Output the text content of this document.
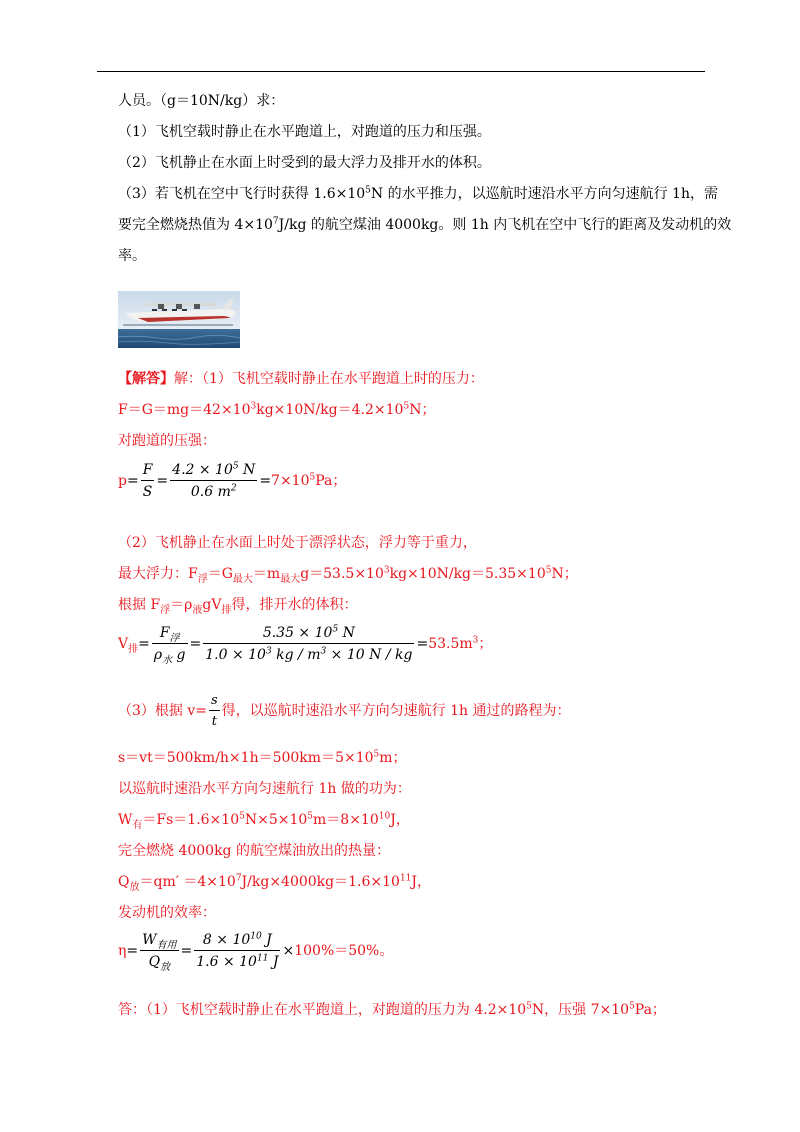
人员。（g＝10N/kg）求：
（1）飞机空载时静止在水平跑道上，对跑道的压力和压强。
（2）飞机静止在水面上时受到的最大浮力及排开水的体积。
（3）若飞机在空中飞行时获得 $1.6\times 10^5N$ 的水平推力，以巡航时速沿水平方向匀速航行 1h，需
要完全燃烧热值为 $4\times 10^7J/kg$ 的航空煤油 4000kg。则 1h 内飞机在空中飞行的距离及发动机的效
率。
【解答】解：（1）飞机空载时静止在水平跑道上时的压力：
$F=G=mg=42\times 10^3kg\times 10N/kg=4.2\times 10^5N$；
对跑道的压强：
$p= \frac{F}{S} = \frac{4.2 \times 10^5 N}{0.6 m^2} =7\times 10^5Pa$；
（2）飞机静止在水面上时处于漂浮状态，浮力等于重力，
最大浮力：$F_浮=G_{最大}=m_{最大}g=53.5\times 10^3kg\times 10N/kg=5.35\times 10^5N$；
根据 $F_浮=\rho_液gV_排$得，排开水的体积：
$V_排= \frac{F_浮}{\rho_水 g} = \frac{5.35 \times 10^5 N}{1.0 \times 10^3 kg / m^3 \times 10 N / kg} =53.5m^3$；
（3）根据 $v= \frac{s}{t}$ 得，以巡航时速沿水平方向匀速航行 1h 通过的路程为：
$s=vt=500km/h\times 1h=500km=5\times 10^5m$；
以巡航时速沿水平方向匀速航行 1h 做的功为：
$W_有=Fs=1.6\times 10^5N\times 5\times 10^5m=8\times 10^{10}J$，
完全燃烧 4000kg 的航空煤油放出的热量：
$Q_放=qm' =4\times 10^7J/kg\times 4000kg=1.6\times 10^{11}J$，
发动机的效率：
$\eta= \frac{W_{有用}}{Q_放} = \frac{8 \times 10^{10} J}{1.6 \times 10^{11} J} \times 100\%=50\%$。
答：（1）飞机空载时静止在水平跑道上，对跑道的压力为 $4.2\times 10^5N$，压强 $7\times 10^5Pa$；
